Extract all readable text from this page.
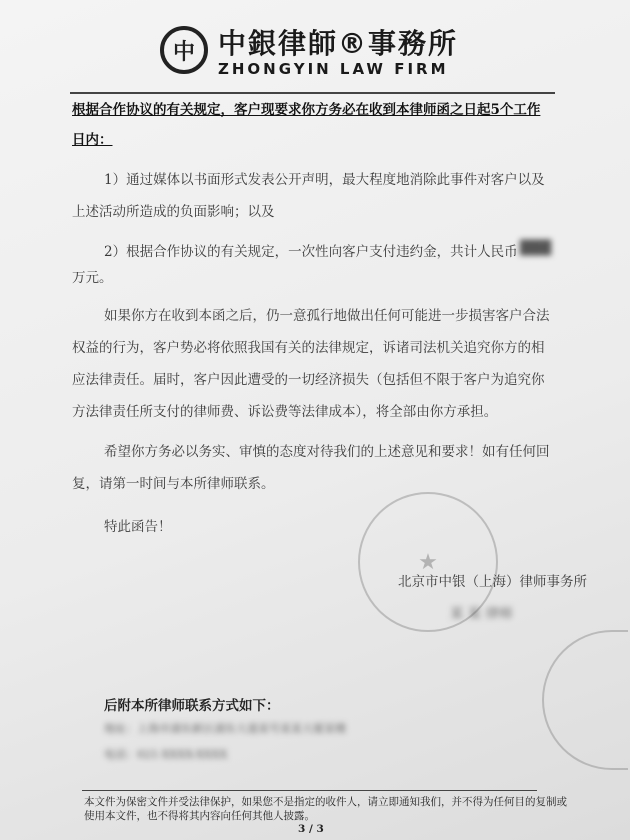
中 中銀律師®事務所
ZHONGYIN LAW FIRM
根据合作协议的有关规定，客户现要求你方务必在收到本律师函之日起5个工作
日内：
1）通过媒体以书面形式发表公开声明，最大程度地消除此事件对客户以及
上述活动所造成的负面影响；以及
2）根据合作协议的有关规定，一次性向客户支付违约金，共计人民币 ███
万元。
如果你方在收到本函之后，仍一意孤行地做出任何可能进一步损害客户合法
权益的行为，客户势必将依照我国有关的法律规定，诉诸司法机关追究你方的相
应法律责任。届时，客户因此遭受的一切经济损失（包括但不限于客户为追究你
方法律责任所支付的律师费、诉讼费等法律成本），将全部由你方承担。
希望你方务必以务实、审慎的态度对待我们的上述意见和要求！如有任何回
复，请第一时间与本所律师联系。
特此函告！
★
北京市中银（上海）律师事务所
某 某 律师
后附本所律师联系方式如下：
地址：上海市浦东新区浦东大道某号某某大厦某楼
电话：021-XXXX-XXXX
本文件为保密文件并受法律保护，如果您不是指定的收件人，请立即通知我们，并不得为任何目的复制或
使用本文件，也不得将其内容向任何其他人披露。
3 / 3
